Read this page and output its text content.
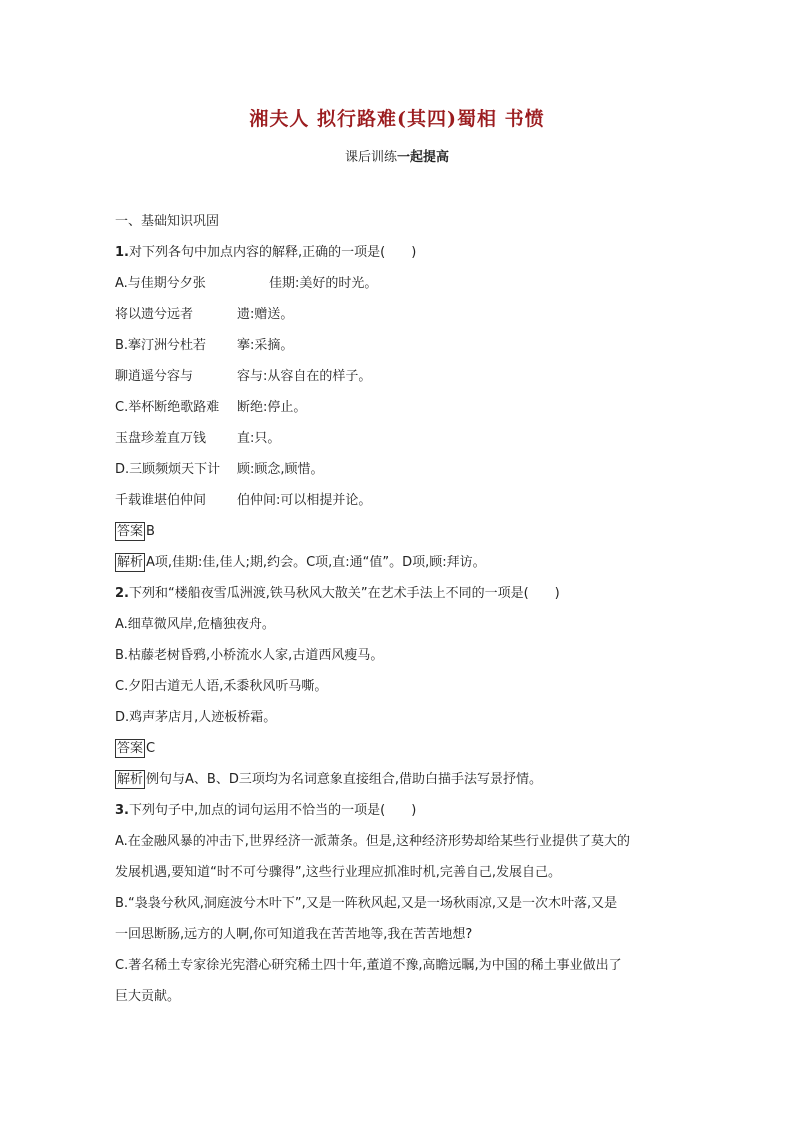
湘夫人 拟行路难(其四)蜀相 书愤
课后训练一起提高
一、基础知识巩固
1.对下列各句中加点内容的解释,正确的一项是(　　)
A.与佳期兮夕张	佳期:美好的时光。
将以遗兮远者	遗:赠送。
B.搴汀洲兮杜若 搴:采摘。
聊逍遥兮容与	容与:从容自在的样子。
C.举杯断绝歌路难 断绝:停止。
玉盘珍羞直万钱 直:只。
D.三顾频烦天下计 顾:顾念,顾惜。
千载谁堪伯仲间 伯仲间:可以相提并论。
答案 B
解析 A项,佳期:佳,佳人;期,约会。C项,直:通“值”。D项,顾:拜访。
2.下列和“楼船夜雪瓜洲渡,铁马秋风大散关”在艺术手法上不同的一项是(　　)
A.细草微风岸,危樯独夜舟。
B.枯藤老树昏鸦,小桥流水人家,古道西风瘦马。
C.夕阳古道无人语,禾黍秋风听马嘶。
D.鸡声茅店月,人迹板桥霜。
答案 C
解析 例句与A、B、D三项均为名词意象直接组合,借助白描手法写景抒情。
3.下列句子中,加点的词句运用不恰当的一项是(　　)
A.在金融风暴的冲击下,世界经济一派萧条。但是,这种经济形势却给某些行业提供了莫大的
发展机遇,要知道“时不可兮骤得”,这些行业理应抓准时机,完善自己,发展自己。
B.“袅袅兮秋风,洞庭波兮木叶下”,又是一阵秋风起,又是一场秋雨凉,又是一次木叶落,又是
一回思断肠,远方的人啊,你可知道我在苦苦地等,我在苦苦地想?
C.著名稀土专家徐光宪潜心研究稀土四十年,董道不豫,高瞻远瞩,为中国的稀土事业做出了
巨大贡献。
